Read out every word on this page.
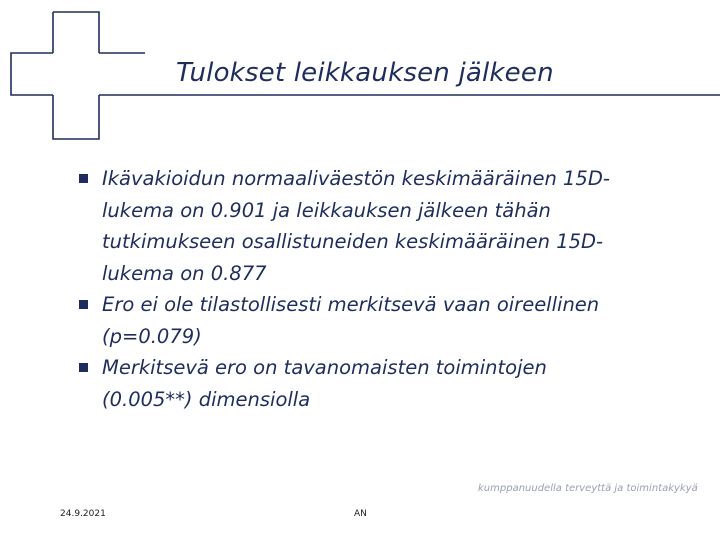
Tulokset leikkauksen jälkeen
Ikävakioidun normaaliväestön keskimääräinen 15D-lukema on 0.901 ja leikkauksen jälkeen tähän tutkimukseen osallistuneiden keskimääräinen 15D-lukema on 0.877
Ero ei ole tilastollisesti merkitsevä vaan oireellinen (p=0.079)
Merkitsevä ero on tavanomaisten toimintojen (0.005**) dimensiolla
kumppanuudella terveyttä ja toimintakykyä
24.9.2021	AN
